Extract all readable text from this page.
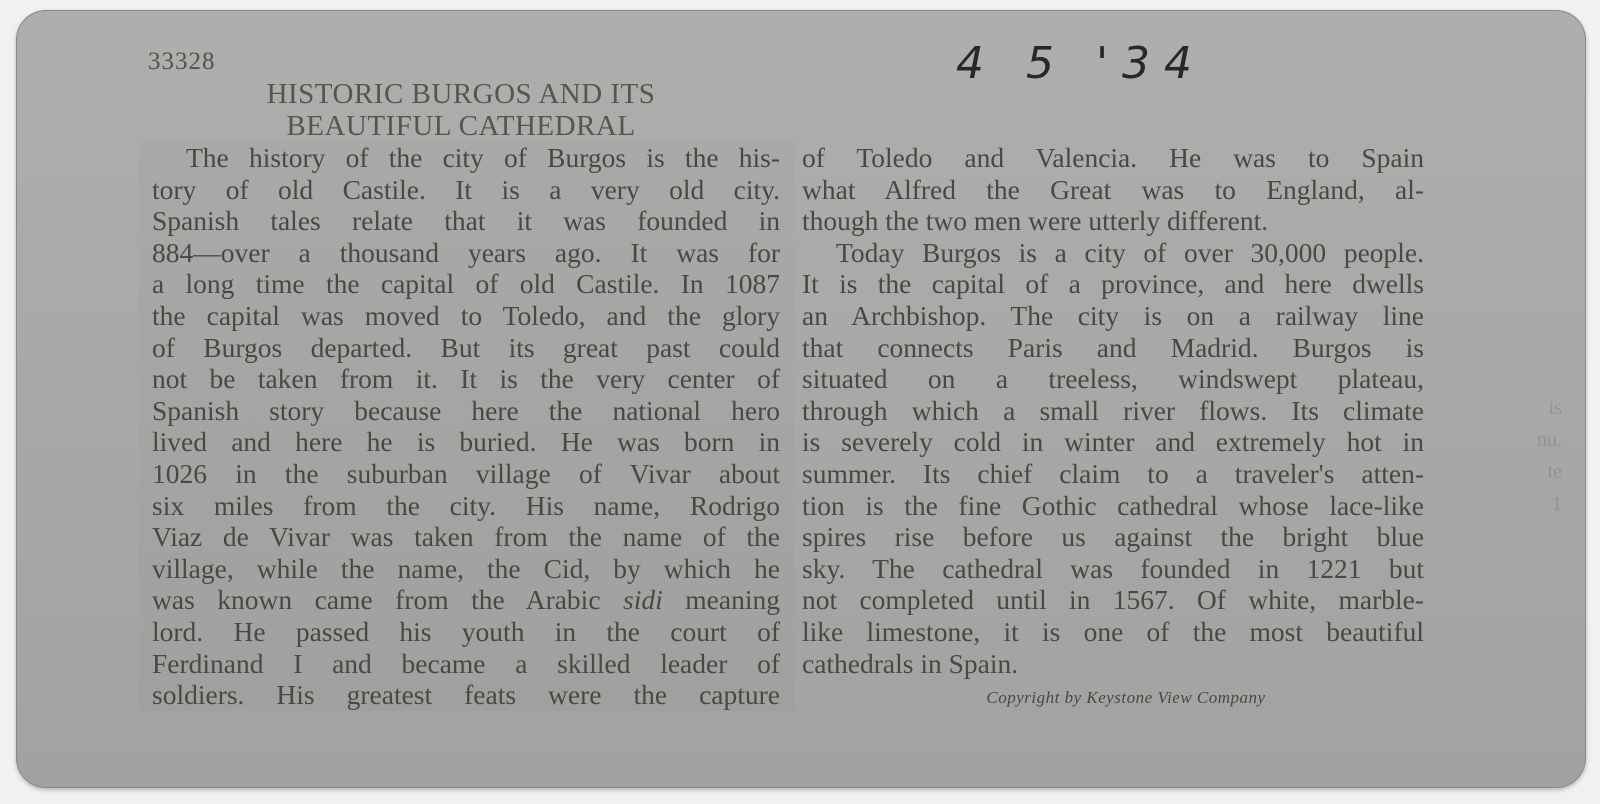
33328	4 5 '34
HISTORIC BURGOS AND ITS
BEAUTIFUL CATHEDRAL
The history of the city of Burgos is the his-
tory of old Castile. It is a very old city.
Spanish tales relate that it was founded in
884—over a thousand years ago. It was for
a long time the capital of old Castile. In 1087
the capital was moved to Toledo, and the glory
of Burgos departed. But its great past could
not be taken from it. It is the very center of
Spanish story because here the national hero
lived and here he is buried. He was born in
1026 in the suburban village of Vivar about
six miles from the city. His name, Rodrigo
Viaz de Vivar was taken from the name of the
village, while the name, the Cid, by which he
was known came from the Arabic sidi meaning
lord. He passed his youth in the court of
Ferdinand I and became a skilled leader of
soldiers. His greatest feats were the capture
of Toledo and Valencia. He was to Spain
what Alfred the Great was to England, al-
though the two men were utterly different.
Today Burgos is a city of over 30,000 people.
It is the capital of a province, and here dwells
an Archbishop. The city is on a railway line
that connects Paris and Madrid. Burgos is
situated on a treeless, windswept plateau,
through which a small river flows. Its climate
is severely cold in winter and extremely hot in
summer. Its chief claim to a traveler's atten-
tion is the fine Gothic cathedral whose lace-like
spires rise before us against the bright blue
sky. The cathedral was founded in 1221 but
not completed until in 1567. Of white, marble-
like limestone, it is one of the most beautiful
cathedrals in Spain.
Copyright by Keystone View Company
is
nu.
te
1
